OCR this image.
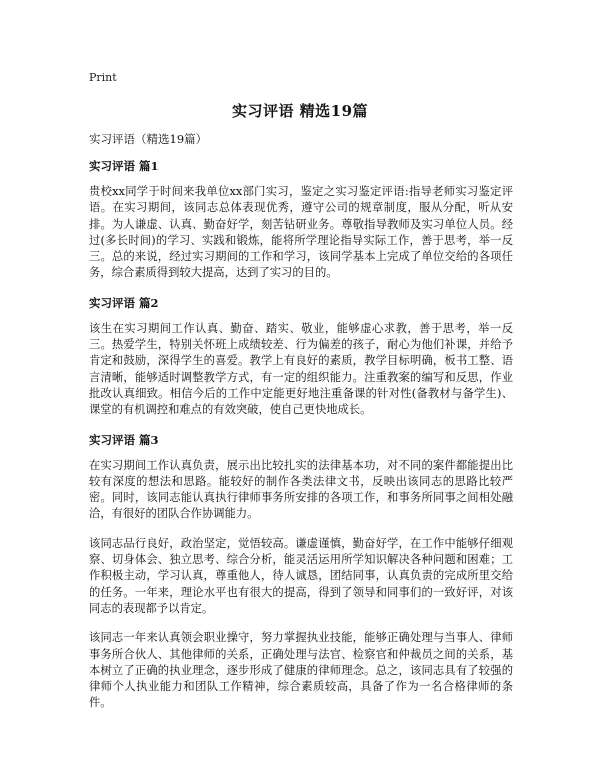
Print
实习评语 精选19篇
实习评语（精选19篇）
实习评语 篇1

贵校xx同学于时间来我单位xx部门实习，鉴定之实习鉴定评语:指导老师实习鉴定评语。在实习期间，该同志总体表现优秀，遵守公司的规章制度，服从分配，听从安排。为人谦虚、认真、勤奋好学，刻苦钻研业务。尊敬指导教师及实习单位人员。经过(多长时间)的学习、实践和锻炼，能将所学理论指导实际工作，善于思考，举一反三。总的来说，经过实习期间的工作和学习，该同学基本上完成了单位交给的各项任务，综合素质得到较大提高，达到了实习的目的。

实习评语 篇2

该生在实习期间工作认真、勤奋、踏实、敬业，能够虚心求教，善于思考，举一反三。热爱学生，特别关怀班上成绩较差、行为偏差的孩子，耐心为他们补课，并给予肯定和鼓励，深得学生的喜爱。教学上有良好的素质，教学目标明确，板书工整、语言清晰，能够适时调整教学方式，有一定的组织能力。注重教案的编写和反思，作业批改认真细致。相信今后的工作中定能更好地注重备课的针对性(备教材与备学生)、课堂的有机调控和难点的有效突破，使自己更快地成长。

实习评语 篇3

在实习期间工作认真负责，展示出比较扎实的法律基本功，对不同的案件都能提出比较有深度的想法和思路。能较好的制作各类法律文书，反映出该同志的思路比较严密。同时，该同志能认真执行律师事务所安排的各项工作，和事务所同事之间相处融洽，有很好的团队合作协调能力。

该同志品行良好，政治坚定，觉悟较高。谦虚谨慎，勤奋好学，在工作中能够仔细观察、切身体会、独立思考、综合分析，能灵活运用所学知识解决各种问题和困难；工作积极主动，学习认真，尊重他人，待人诚恳，团结同事，认真负责的完成所里交给的任务。一年来，理论水平也有很大的提高，得到了领导和同事们的一致好评，对该同志的表现都予以肯定。

该同志一年来认真领会职业操守，努力掌握执业技能，能够正确处理与当事人、律师事务所合伙人、其他律师的关系，正确处理与法官、检察官和仲裁员之间的关系，基本树立了正确的执业理念，逐步形成了健康的律师理念。总之，该同志具有了较强的律师个人执业能力和团队工作精神，综合素质较高，具备了作为一名合格律师的条件。
